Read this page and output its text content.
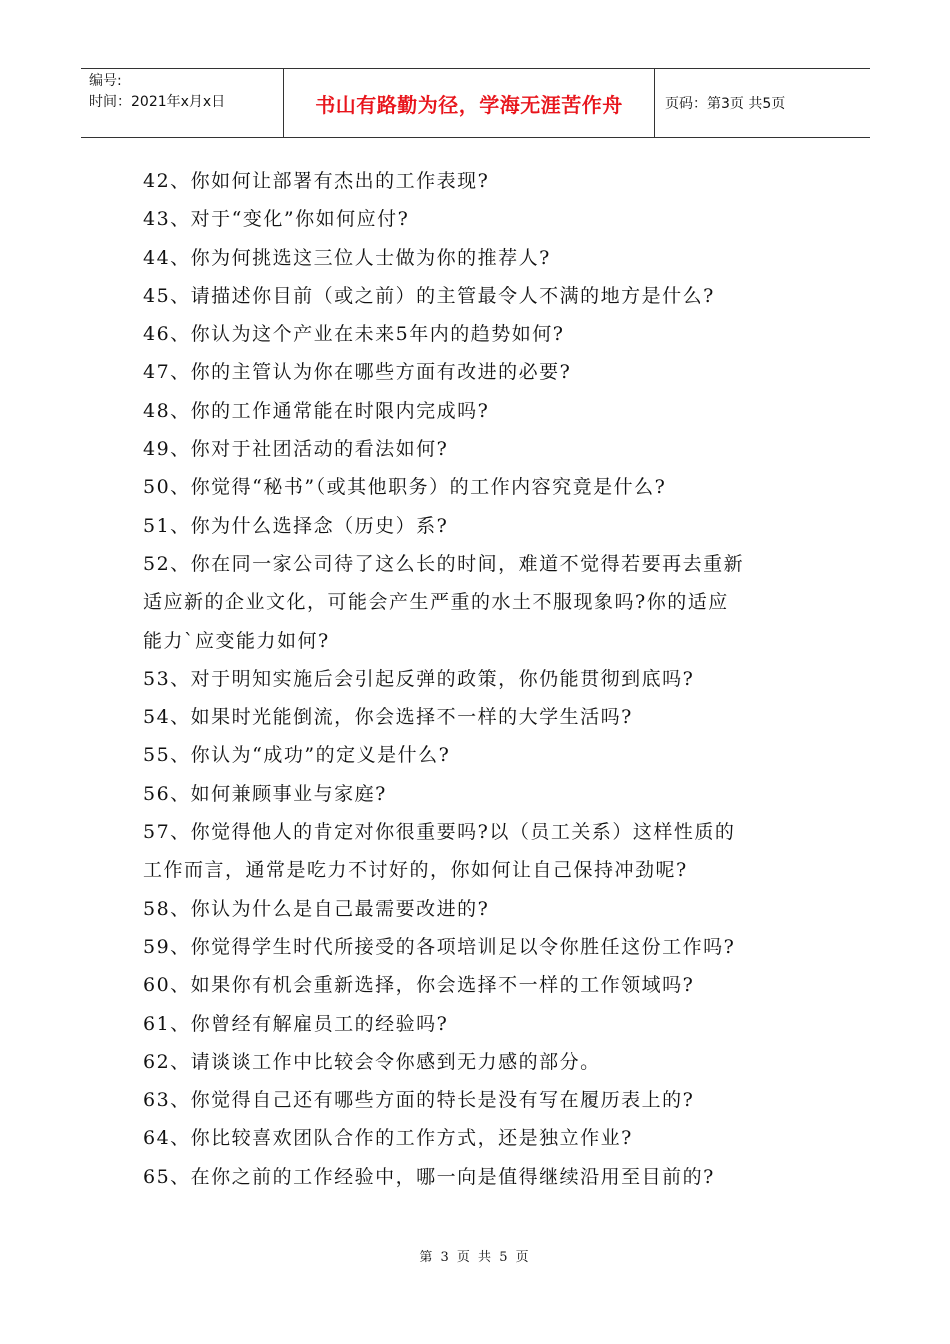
编号:
时间：2021年x月x日	书山有路勤为径，学海无涯苦作舟	页码：第3页 共5页

42、你如何让部署有杰出的工作表现?

43、对于“变化”你如何应付?

44、你为何挑选这三位人士做为你的推荐人?

45、请描述你目前（或之前）的主管最令人不满的地方是什么?

46、你认为这个产业在未来5年内的趋势如何?

47、你的主管认为你在哪些方面有改进的必要?

48、你的工作通常能在时限内完成吗?

49、你对于社团活动的看法如何?

50、你觉得“秘书”（或其他职务）的工作内容究竟是什么?

51、你为什么选择念（历史）系?

52、你在同一家公司待了这么长的时间，难道不觉得若要再去重新

适应新的企业文化，可能会产生严重的水土不服现象吗?你的适应

能力`应变能力如何?

53、对于明知实施后会引起反弹的政策，你仍能贯彻到底吗?

54、如果时光能倒流，你会选择不一样的大学生活吗?

55、你认为“成功”的定义是什么?

56、如何兼顾事业与家庭?

57、你觉得他人的肯定对你很重要吗?以（员工关系）这样性质的

工作而言，通常是吃力不讨好的，你如何让自己保持冲劲呢?

58、你认为什么是自己最需要改进的?

59、你觉得学生时代所接受的各项培训足以令你胜任这份工作吗?

60、如果你有机会重新选择，你会选择不一样的工作领域吗?

61、你曾经有解雇员工的经验吗?

62、请谈谈工作中比较会令你感到无力感的部分。

63、你觉得自己还有哪些方面的特长是没有写在履历表上的?

64、你比较喜欢团队合作的工作方式，还是独立作业?

65、在你之前的工作经验中，哪一向是值得继续沿用至目前的?

第 3 页 共 5 页
